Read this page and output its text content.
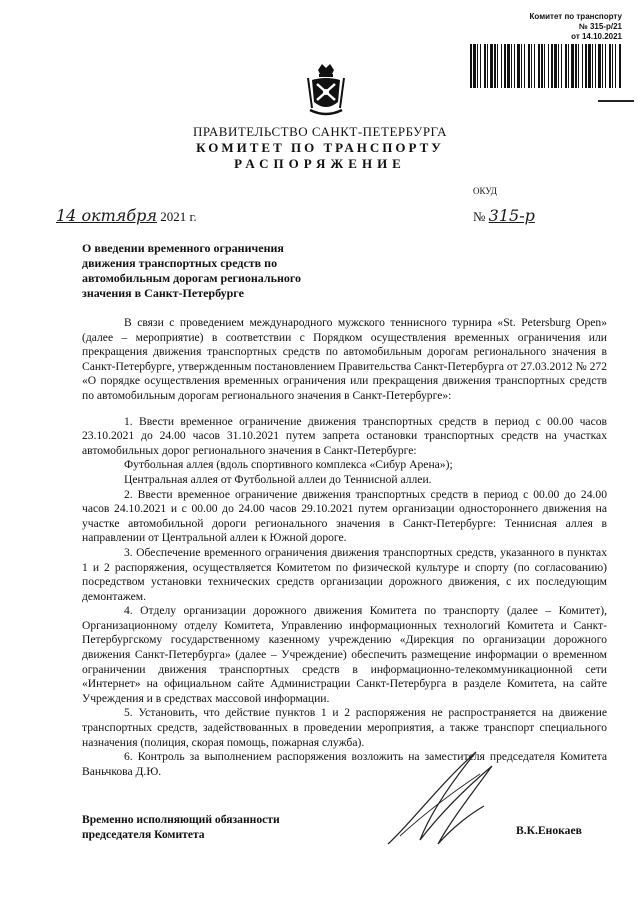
Комитет по транспорту
№ 315-р/21
от 14.10.2021
ПРАВИТЕЛЬСТВО САНКТ-ПЕТЕРБУРГА
КОМИТЕТ ПО ТРАНСПОРТУ
РАСПОРЯЖЕНИЕ
ОКУД
14 октября 2021 г.	№ 315-р
О введении временного ограничения движения транспортных средств по автомобильным дорогам регионального значения в Санкт-Петербурге

В связи с проведением международного мужского теннисного турнира «St. Petersburg Open» (далее – мероприятие) в соответствии с Порядком осуществления временных ограничения или прекращения движения транспортных средств по автомобильным дорогам регионального значения в Санкт-Петербурге, утвержденным постановлением Правительства Санкт-Петербурга от 27.03.2012 № 272 «О порядке осуществления временных ограничения или прекращения движения транспортных средств по автомобильным дорогам регионального значения в Санкт-Петербурге»:

1. Ввести временное ограничение движения транспортных средств в период с 00.00 часов 23.10.2021 до 24.00 часов 31.10.2021 путем запрета остановки транспортных средств на участках автомобильных дорог регионального значения в Санкт-Петербурге:

Футбольная аллея (вдоль спортивного комплекса «Сибур Арена»);

Центральная аллея от Футбольной аллеи до Теннисной аллеи.

2. Ввести временное ограничение движения транспортных средств в период с 00.00 до 24.00 часов 24.10.2021 и с 00.00 до 24.00 часов 29.10.2021 путем организации одностороннего движения на участке автомобильной дороги регионального значения в Санкт-Петербурге: Теннисная аллея в направлении от Центральной аллеи к Южной дороге.

3. Обеспечение временного ограничения движения транспортных средств, указанного в пунктах 1 и 2 распоряжения, осуществляется Комитетом по физической культуре и спорту (по согласованию) посредством установки технических средств организации дорожного движения, с их последующим демонтажем.

4. Отделу организации дорожного движения Комитета по транспорту (далее – Комитет), Организационному отделу Комитета, Управлению информационных технологий Комитета и Санкт-Петербургскому государственному казенному учреждению «Дирекция по организации дорожного движения Санкт-Петербурга» (далее – Учреждение) обеспечить размещение информации о временном ограничении движения транспортных средств в информационно-телекоммуникационной сети «Интернет» на официальном сайте Администрации Санкт-Петербурга в разделе Комитета, на сайте Учреждения и в средствах массовой информации.

5. Установить, что действие пунктов 1 и 2 распоряжения не распространяется на движение транспортных средств, задействованных в проведении мероприятия, а также транспорт специального назначения (полиция, скорая помощь, пожарная служба).

6. Контроль за выполнением распоряжения возложить на заместителя председателя Комитета Ваньчкова Д.Ю.

Временно исполняющий обязанности председателя Комитета	В.К.Енокаев
